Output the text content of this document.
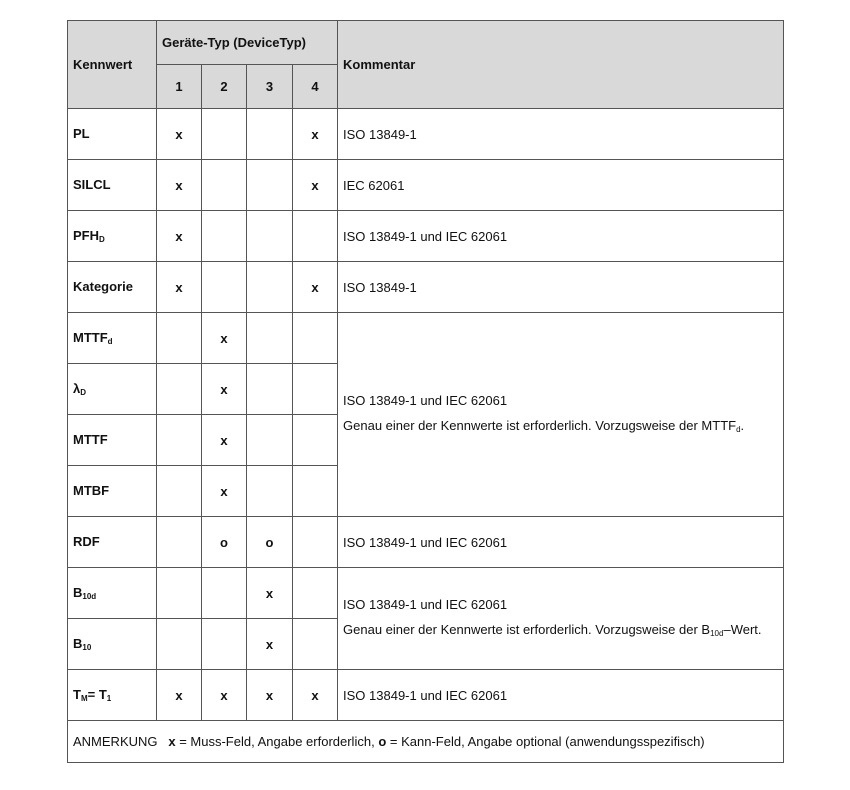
Kennwert	Geräte-Typ (DeviceTyp)				Kommentar
	1	2	3	4	
PL	x			x	ISO 13849-1
SILCL	x			x	IEC 62061
$PFH_D$	x				ISO 13849-1 und IEC 62061
Kategorie	x			x	ISO 13849-1
$MTTF_d$		x			ISO 13849-1 und IEC 62061
Genau einer der Kennwerte ist erforderlich. Vorzugsweise der $MTTF_d$.

$\lambda_D$		x			
MTTF		x			
MTBF		x			
RDF		o	o		ISO 13849-1 und IEC 62061
$B_{10d}$			x		ISO 13849-1 und IEC 62061
Genau einer der Kennwerte ist erforderlich. Vorzugsweise der $B_{10d}$–Wert.

$B_{10}$			x		
$T_M= T_1$	x	x	x	x	ISO 13849-1 und IEC 62061
ANMERKUNG x = Muss-Feld, Angabe erforderlich, o = Kann-Feld, Angabe optional (anwendungsspezifisch)					
